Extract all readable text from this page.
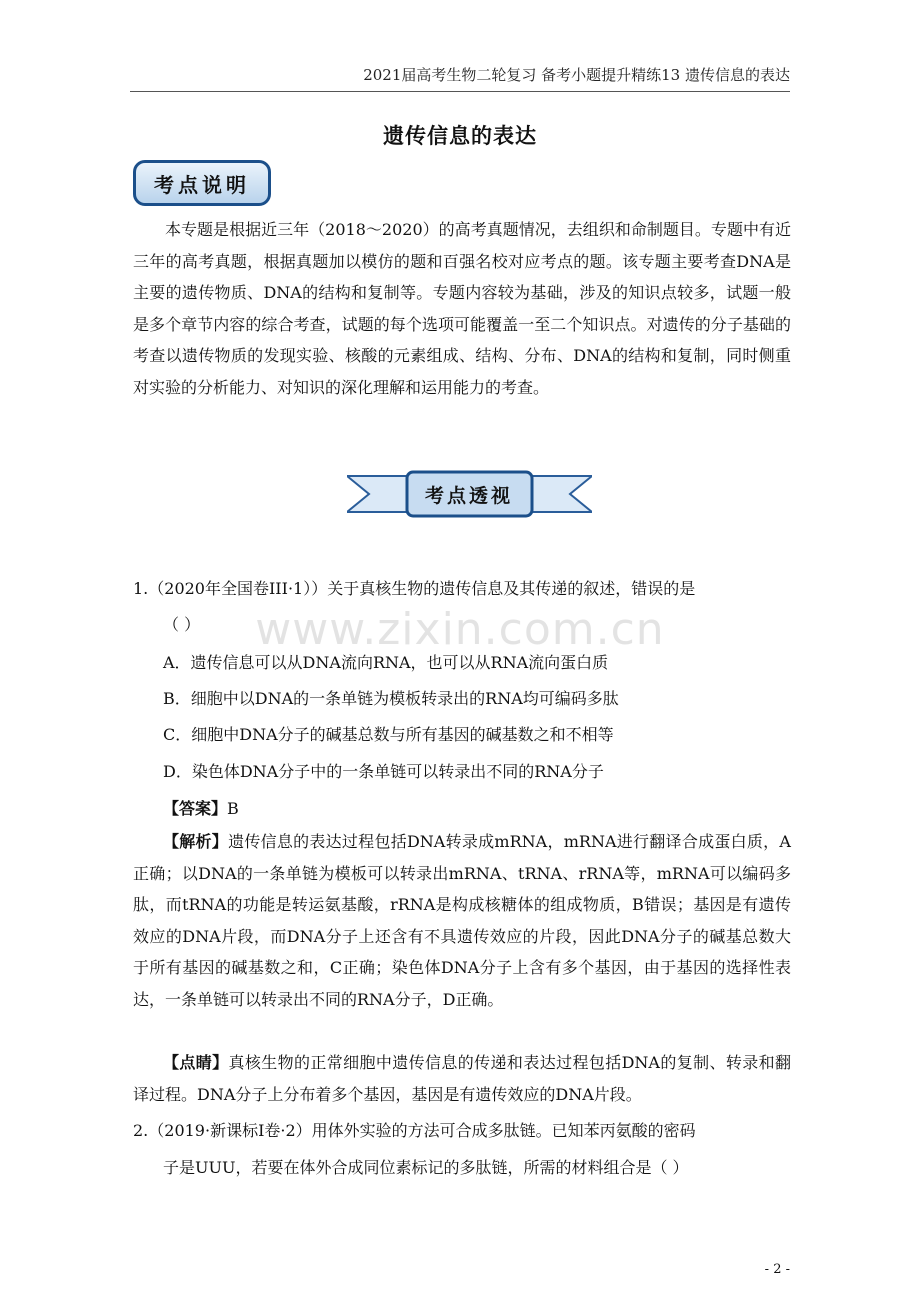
2021届高考生物二轮复习 备考小题提升精练13 遗传信息的表达
遗传信息的表达
考点说明
本专题是根据近三年（2018～2020）的高考真题情况，去组织和命制题目。专题中有近三年的高考真题，根据真题加以模仿的题和百强名校对应考点的题。该专题主要考查DNA是主要的遗传物质、DNA的结构和复制等。专题内容较为基础，涉及的知识点较多，试题一般是多个章节内容的综合考查，试题的每个选项可能覆盖一至二个知识点。对遗传的分子基础的考查以遗传物质的发现实验、核酸的元素组成、结构、分布、DNA的结构和复制，同时侧重对实验的分析能力、对知识的深化理解和运用能力的考查。
考点透视
www.zixin.com.cn
1.（2020年全国卷III·1））关于真核生物的遗传信息及其传递的叙述，错误的是
（ ）
A．遗传信息可以从DNA流向RNA，也可以从RNA流向蛋白质
B．细胞中以DNA的一条单链为模板转录出的RNA均可编码多肽
C．细胞中DNA分子的碱基总数与所有基因的碱基数之和不相等
D．染色体DNA分子中的一条单链可以转录出不同的RNA分子
【答案】B
【解析】遗传信息的表达过程包括DNA转录成mRNA，mRNA进行翻译合成蛋白质，A正确；以DNA的一条单链为模板可以转录出mRNA、tRNA、rRNA等，mRNA可以编码多肽，而tRNA的功能是转运氨基酸，rRNA是构成核糖体的组成物质，B错误；基因是有遗传效应的DNA片段，而DNA分子上还含有不具遗传效应的片段，因此DNA分子的碱基总数大于所有基因的碱基数之和，C正确；染色体DNA分子上含有多个基因，由于基因的选择性表达，一条单链可以转录出不同的RNA分子，D正确。
【点睛】真核生物的正常细胞中遗传信息的传递和表达过程包括DNA的复制、转录和翻译过程。DNA分子上分布着多个基因，基因是有遗传效应的DNA片段。
2.（2019·新课标Ⅰ卷·2）用体外实验的方法可合成多肽链。已知苯丙氨酸的密码
子是UUU，若要在体外合成同位素标记的多肽链，所需的材料组合是（ ）
- 2 -
